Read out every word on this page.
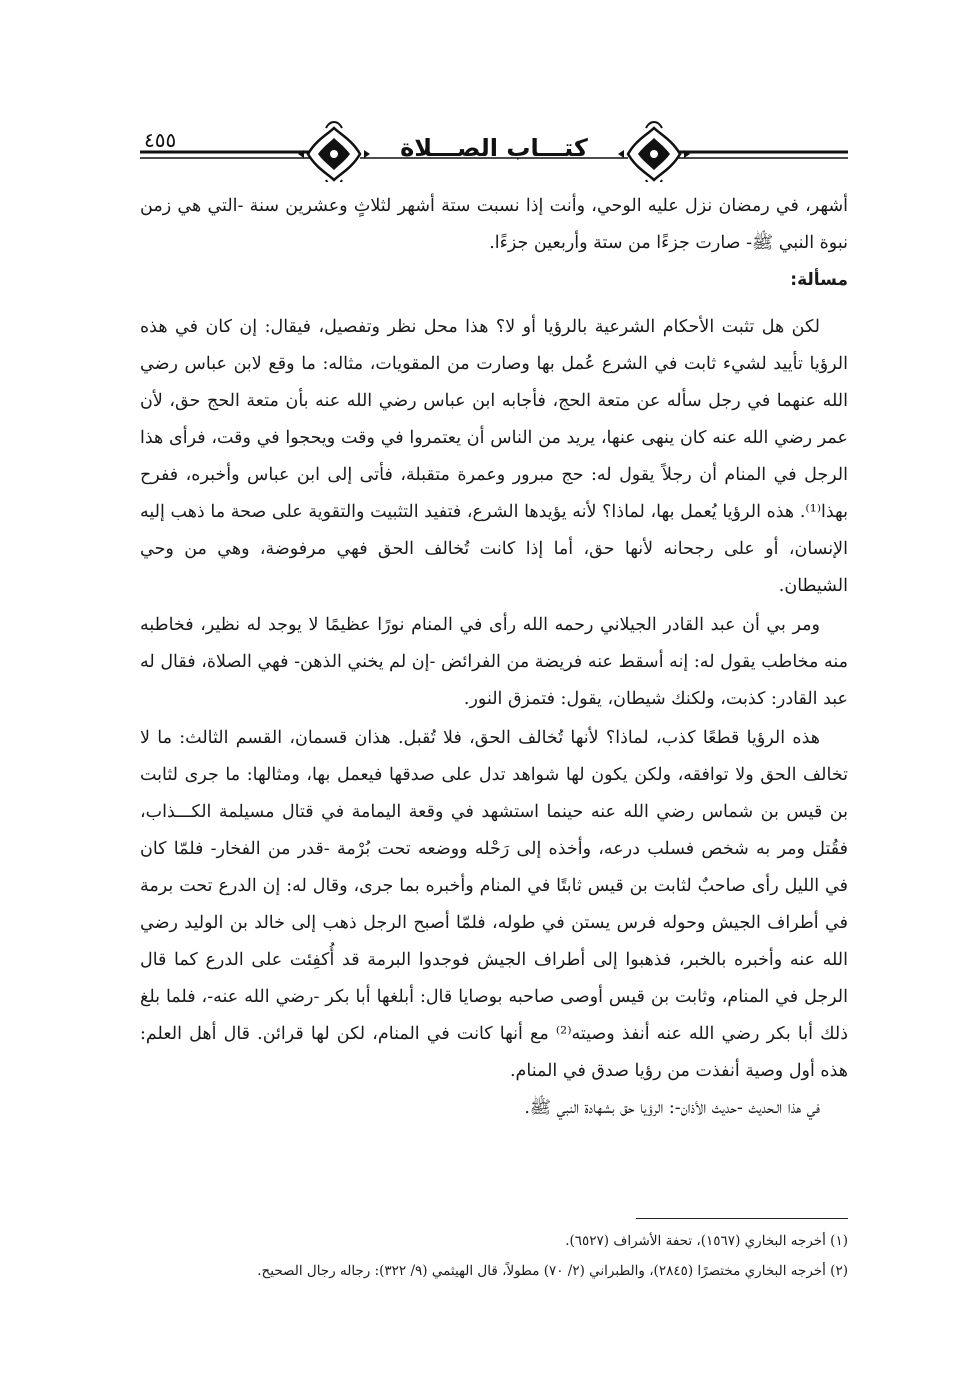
٤٥٥	كتـــاب الصـــلاة

أشهر، في رمضان نزل عليه الوحي، وأنت إذا نسبت ستة أشهر لثلاثٍ وعشرين سنة -التي هي زمن نبوة النبي ﷺ- صارت جزءًا من ستة وأربعين جزءًا.

مسألة:

لكن هل تثبت الأحكام الشرعية بالرؤيا أو لا؟ هذا محل نظر وتفصيل، فيقال: إن كان في هذه الرؤيا تأييد لشيء ثابت في الشرع عُمل بها وصارت من المقويات، مثاله: ما وقع لابن عباس رضي الله عنهما في رجل سأله عن متعة الحج، فأجابه ابن عباس رضي الله عنه بأن متعة الحج حق، لأن عمر رضي الله عنه كان ينهى عنها، يريد من الناس أن يعتمروا في وقت ويحجوا في وقت، فرأى هذا الرجل في المنام أن رجلاً يقول له: حج مبرور وعمرة متقبلة، فأتى إلى ابن عباس وأخبره، ففرح بهذا⁽¹⁾. هذه الرؤيا يُعمل بها، لماذا؟ لأنه يؤيدها الشرع، فتفيد التثبيت والتقوية على صحة ما ذهب إليه الإنسان، أو على رجحانه لأنها حق، أما إذا كانت تُخالف الحق فهي مرفوضة، وهي من وحي الشيطان.

ومر بي أن عبد القادر الجيلاني رحمه الله رأى في المنام نورًا عظيمًا لا يوجد له نظير، فخاطبه منه مخاطب يقول له: إنه أسقط عنه فريضة من الفرائض -إن لم يخني الذهن- فهي الصلاة، فقال له عبد القادر: كذبت، ولكنك شيطان، يقول: فتمزق النور.

هذه الرؤيا قطعًا كذب، لماذا؟ لأنها تُخالف الحق، فلا تُقبل. هذان قسمان، القسم الثالث: ما لا تخالف الحق ولا توافقه، ولكن يكون لها شواهد تدل على صدقها فيعمل بها، ومثالها: ما جرى لثابت بن قيس بن شماس رضي الله عنه حينما استشهد في وقعة اليمامة في قتال مسيلمة الكـــذاب، فقُتل ومر به شخص فسلب درعه، وأخذه إلى رَحْله ووضعه تحت بُرْمة -قدر من الفخار- فلمّا كان في الليل رأى صاحبٌ لثابت بن قيس ثابتًا في المنام وأخبره بما جرى، وقال له: إن الدرع تحت برمة في أطراف الجيش وحوله فرس يستن في طوله، فلمّا أصبح الرجل ذهب إلى خالد بن الوليد رضي الله عنه وأخبره بالخبر، فذهبوا إلى أطراف الجيش فوجدوا البرمة قد أُكفِئت على الدرع كما قال الرجل في المنام، وثابت بن قيس أوصى صاحبه بوصايا قال: أبلغها أبا بكر -رضي الله عنه-، فلما بلغ ذلك أبا بكر رضي الله عنه أنفذ وصيته⁽²⁾ مع أنها كانت في المنام، لكن لها قرائن. قال أهل العلم: هذه أول وصية أنفذت من رؤيا صدق في المنام.

في هذا الـحديث -حديث الأذان-: الرؤيا حق بشهادة النبي ﷺ.

(١) أخرجه البخاري (١٥٦٧)، تحفة الأشراف (٦٥٢٧).

(٢) أخرجه البخاري مختصرًا (٢٨٤٥)، والطبراني (٢/ ٧٠) مطولاً، قال الهيثمي (٩/ ٣٢٢): رجاله رجال الصحيح.
